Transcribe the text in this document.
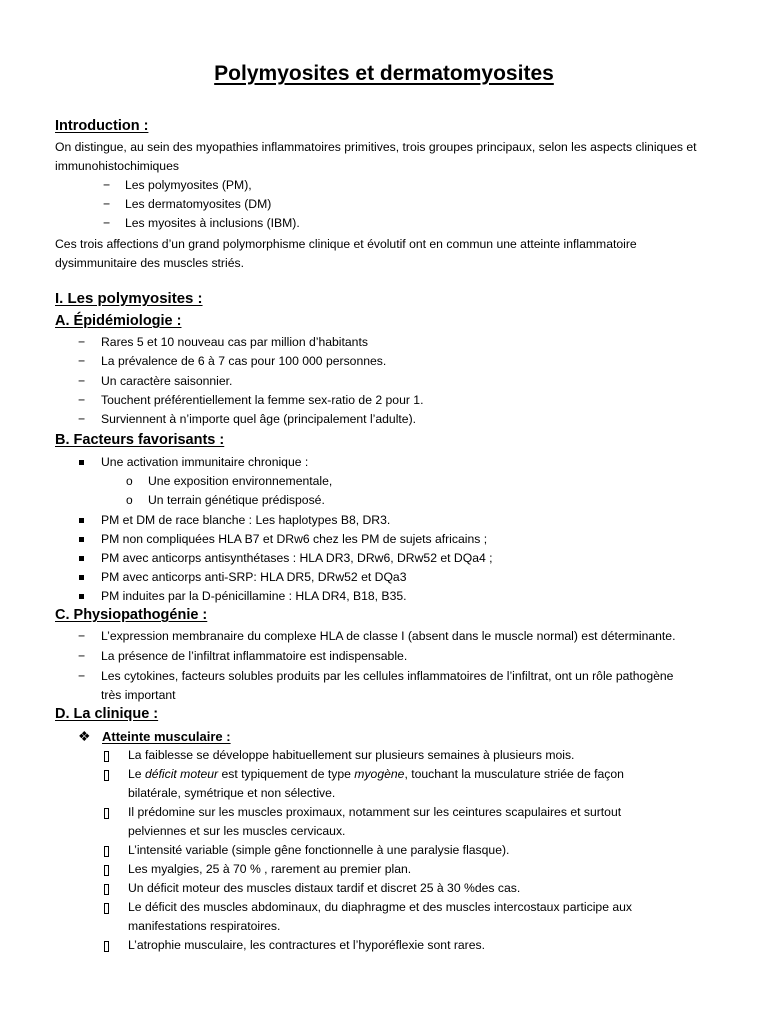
Polymyosites et dermatomyosites
Introduction :
On distingue, au sein des myopathies inflammatoires primitives, trois groupes principaux, selon les aspects cliniques et immunohistochimiques
− Les polymyosites (PM),
− Les dermatomyosites (DM)
− Les myosites à inclusions (IBM).
Ces trois affections d’un grand polymorphisme clinique et évolutif ont en commun une atteinte inflammatoire dysimmunitaire des muscles striés.
I. Les polymyosites :
A. Épidémiologie :
− Rares 5 et 10 nouveau cas par million d’habitants
− La prévalence de 6 à 7 cas pour 100 000 personnes.
− Un caractère saisonnier.
− Touchent préférentiellement la femme sex-ratio de 2 pour 1.
− Surviennent à n’importe quel âge (principalement l’adulte).
B. Facteurs favorisants :
Une activation immunitaire chronique :
o Une exposition environnementale,
o Un terrain génétique prédisposé.
PM et DM de race blanche : Les haplotypes B8, DR3.
PM non compliquées HLA B7 et DRw6 chez les PM de sujets africains ;
PM avec anticorps antisynthétases : HLA DR3, DRw6, DRw52 et DQa4 ;
PM avec anticorps anti-SRP: HLA DR5, DRw52 et DQa3
PM induites par la D-pénicillamine : HLA DR4, B18, B35.
C. Physiopathogénie :
− L’expression membranaire du complexe HLA de classe I (absent dans le muscle normal) est déterminante.
− La présence de l’infiltrat inflammatoire est indispensable.
− Les cytokines, facteurs solubles produits par les cellules inflammatoires de l’infiltrat, ont un rôle pathogène très important
D. La clinique :
❖ Atteinte musculaire :
La faiblesse se développe habituellement sur plusieurs semaines à plusieurs mois.
Le déficit moteur est typiquement de type myogène, touchant la musculature striée de façon bilatérale, symétrique et non sélective.
Il prédomine sur les muscles proximaux, notamment sur les ceintures scapulaires et surtout pelviennes et sur les muscles cervicaux.
L’intensité variable (simple gêne fonctionnelle à une paralysie flasque).
Les myalgies, 25 à 70 % , rarement au premier plan.
Un déficit moteur des muscles distaux tardif et discret 25 à 30 %des cas.
Le déficit des muscles abdominaux, du diaphragme et des muscles intercostaux participe aux manifestations respiratoires.
L’atrophie musculaire, les contractures et l’hyporéflexie sont rares.
